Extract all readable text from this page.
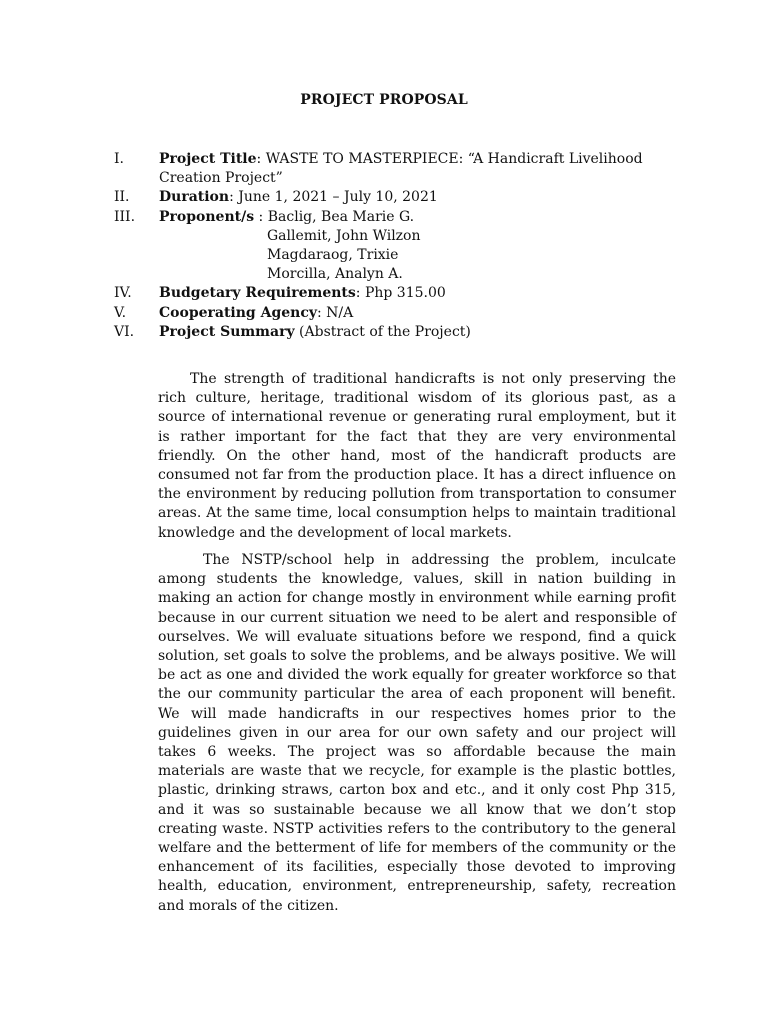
PROJECT PROPOSAL
I.	Project Title: WASTE TO MASTERPIECE: “A Handicraft Livelihood Creation Project”
II.	Duration: June 1, 2021 – July 10, 2021
III.	Proponent/s : Baclig, Bea Marie G.
Gallemit, John Wilzon
Magdaraog, Trixie
Morcilla, Analyn A.
IV.	Budgetary Requirements: Php 315.00
V.	Cooperating Agency: N/A
VI.	Project Summary (Abstract of the Project)

The strength of traditional handicrafts is not only preserving the rich culture, heritage, traditional wisdom of its glorious past, as a source of international revenue or generating rural employment, but it is rather important for the fact that they are very environmental friendly. On the other hand, most of the handicraft products are consumed not far from the production place. It has a direct influence on the environment by reducing pollution from transportation to consumer areas. At the same time, local consumption helps to maintain traditional knowledge and the development of local markets.

The NSTP/school help in addressing the problem, inculcate among students the knowledge, values, skill in nation building in making an action for change mostly in environment while earning profit because in our current situation we need to be alert and responsible of ourselves. We will evaluate situations before we respond, find a quick solution, set goals to solve the problems, and be always positive. We will be act as one and divided the work equally for greater workforce so that the our community particular the area of each proponent will benefit. We will made handicrafts in our respectives homes prior to the guidelines given in our area for our own safety and our project will takes 6 weeks. The project was so affordable because the main materials are waste that we recycle, for example is the plastic bottles, plastic, drinking straws, carton box and etc., and it only cost Php 315, and it was so sustainable because we all know that we don’t stop creating waste. NSTP activities refers to the contributory to the general welfare and the betterment of life for members of the community or the enhancement of its facilities, especially those devoted to improving health, education, environment, entrepreneurship, safety, recreation and morals of the citizen.
